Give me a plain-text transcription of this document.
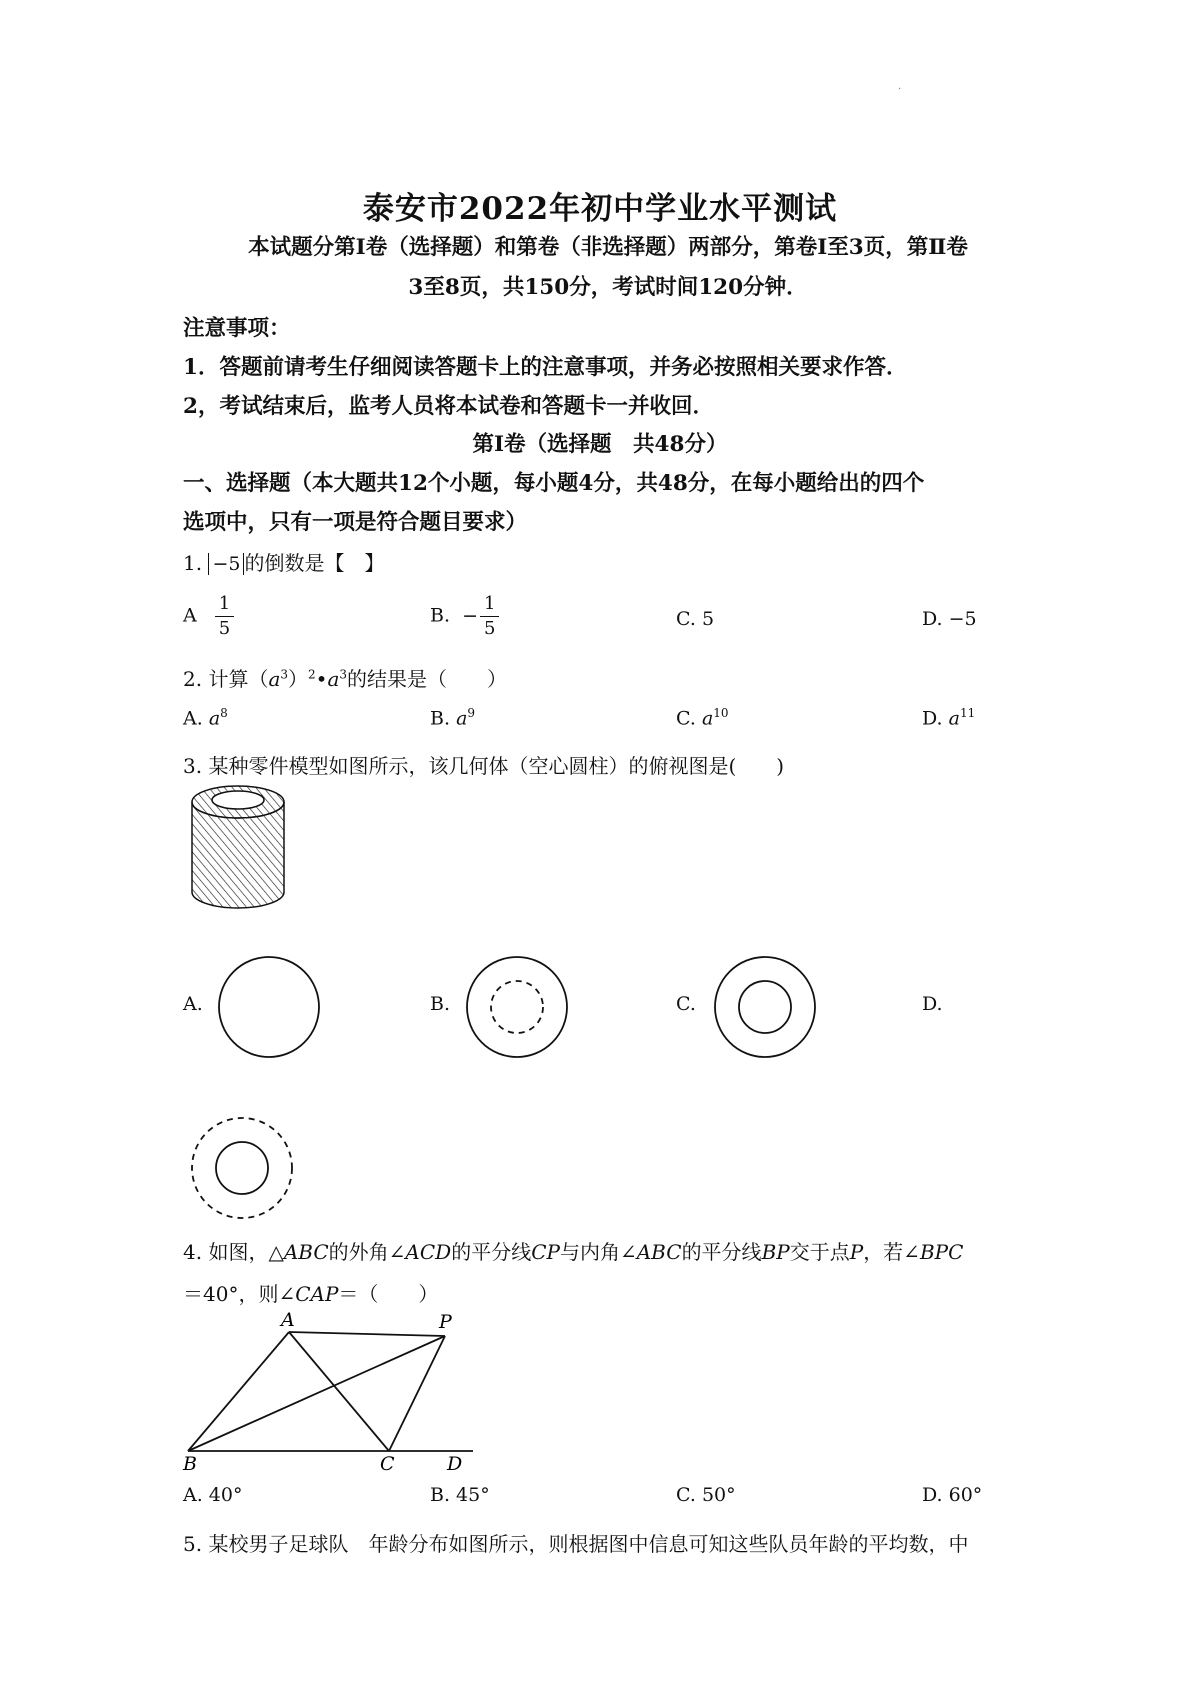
·
泰安市2022年初中学业水平测试
本试题分第Ⅰ卷（选择题）和第卷（非选择题）两部分，第卷Ⅰ至3页，第Ⅱ卷
3至8页，共150分，考试时间120分钟．
注意事项：
1．答题前请考生仔细阅读答题卡上的注意事项，并务必按照相关要求作答．
2，考试结束后，监考人员将本试卷和答题卡一并收回．
第Ⅰ卷（选择题　共48分）
一、选择题（本大题共12个小题，每小题4分，共48分，在每小题给出的四个
选项中，只有一项是符合题目要求）
1. −5 的倒数是【　】
A $\frac{1}{5}$	B. − $\frac{1}{5}$	C. 5	D. −5
2. 计算$(a^3)^2•a^3$的结果是（　　）
A. $a^8$	B. $a^9$	C. $a^{10}$	D. $a^{11}$
3. 某种零件模型如图所示，该几何体（空心圆柱）的俯视图是(　　)
A.	B.	C.	D.
4. 如图，△ABC的外角∠ACD的平分线CP与内角∠ABC的平分线BP交于点P，若∠BPC
＝40°，则∠CAP＝（　　）
A	P
B	C	D
A. 40°	B. 45°	C. 50°	D. 60°
5. 某校男子足球队　年龄分布如图所示，则根据图中信息可知这些队员年龄的平均数，中
